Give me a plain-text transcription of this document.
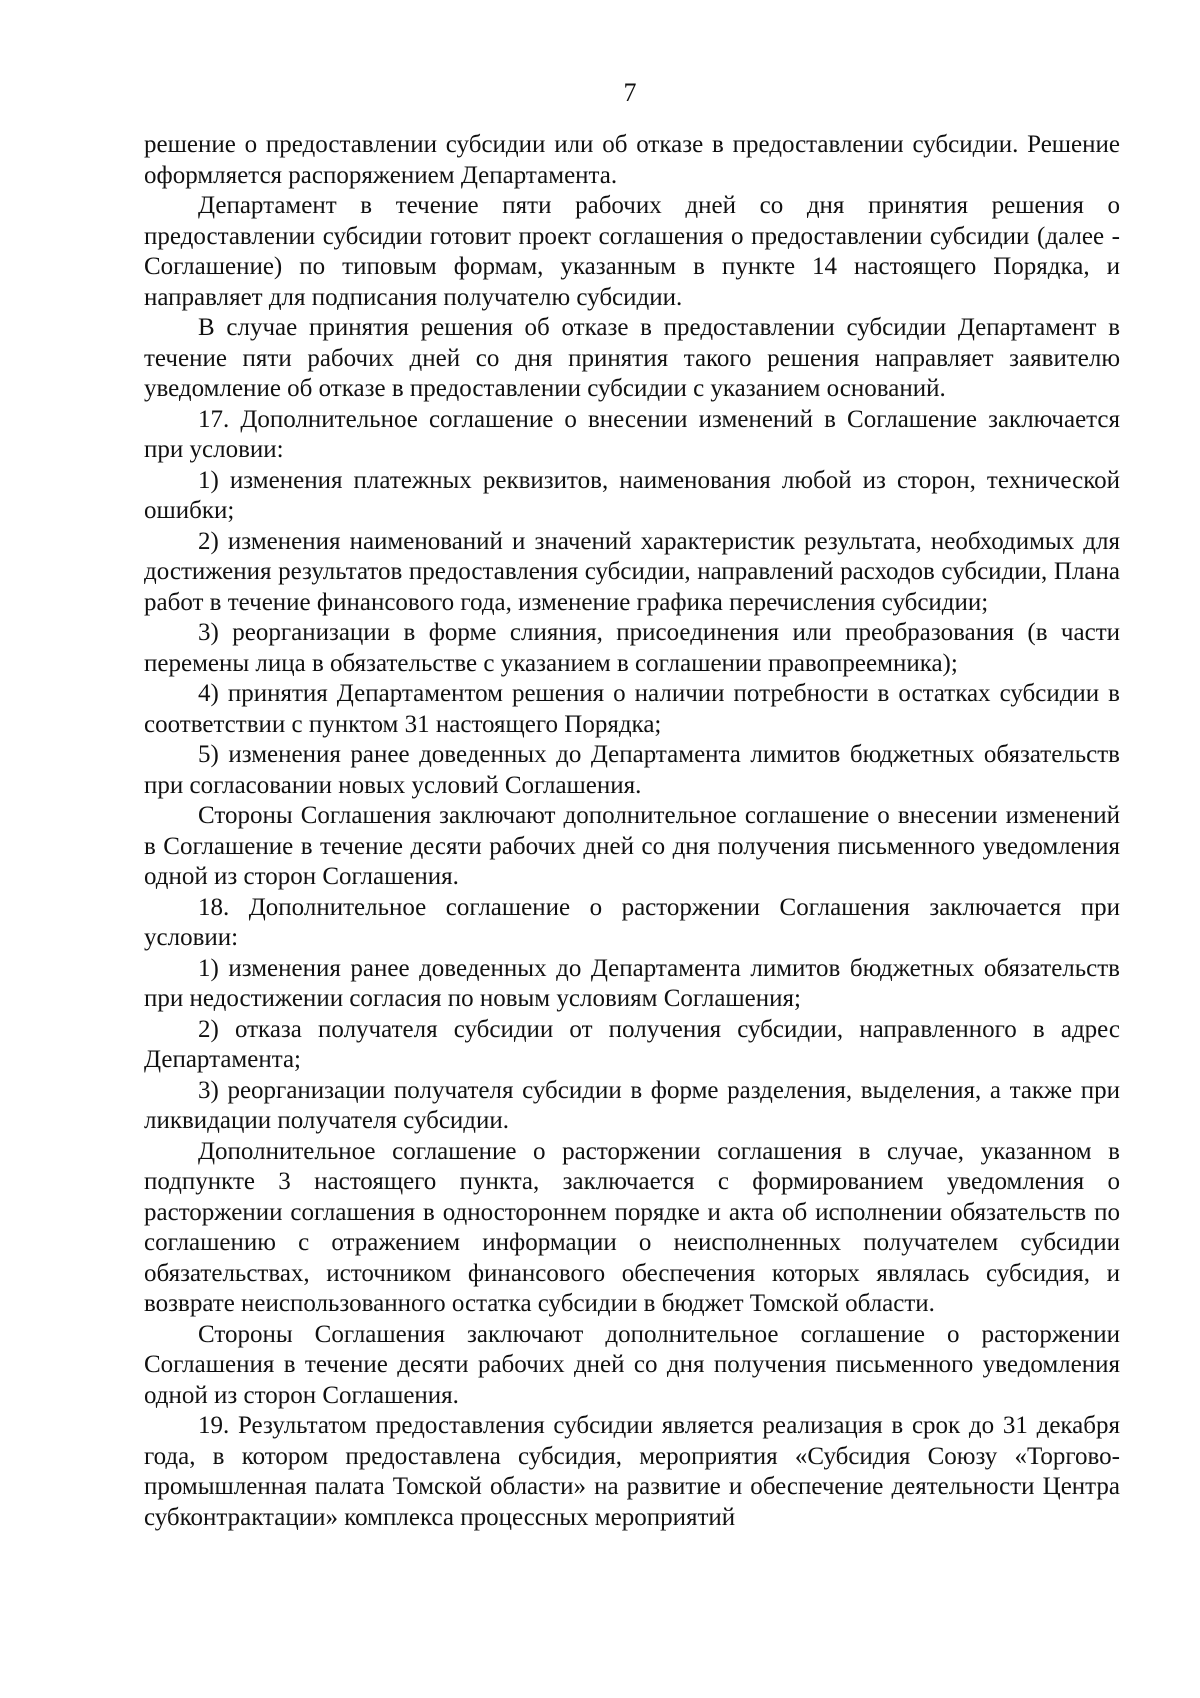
7

решение о предоставлении субсидии или об отказе в предоставлении субсидии. Решение оформляется распоряжением Департамента.

Департамент в течение пяти рабочих дней со дня принятия решения о предоставлении субсидии готовит проект соглашения о предоставлении субсидии (далее - Соглашение) по типовым формам, указанным в пункте 14 настоящего Порядка, и направляет для подписания получателю субсидии.

В случае принятия решения об отказе в предоставлении субсидии Департамент в течение пяти рабочих дней со дня принятия такого решения направляет заявителю уведомление об отказе в предоставлении субсидии с указанием оснований.

17. Дополнительное соглашение о внесении изменений в Соглашение заключается при условии:

1) изменения платежных реквизитов, наименования любой из сторон, технической ошибки;

2) изменения наименований и значений характеристик результата, необходимых для достижения результатов предоставления субсидии, направлений расходов субсидии, Плана работ в течение финансового года, изменение графика перечисления субсидии;

3) реорганизации в форме слияния, присоединения или преобразования (в части перемены лица в обязательстве с указанием в соглашении правопреемника);

4) принятия Департаментом решения о наличии потребности в остатках субсидии в соответствии с пунктом 31 настоящего Порядка;

5) изменения ранее доведенных до Департамента лимитов бюджетных обязательств при согласовании новых условий Соглашения.

Стороны Соглашения заключают дополнительное соглашение о внесении изменений в Соглашение в течение десяти рабочих дней со дня получения письменного уведомления одной из сторон Соглашения.

18. Дополнительное соглашение о расторжении Соглашения заключается при условии:

1) изменения ранее доведенных до Департамента лимитов бюджетных обязательств при недостижении согласия по новым условиям Соглашения;

2) отказа получателя субсидии от получения субсидии, направленного в адрес Департамента;

3) реорганизации получателя субсидии в форме разделения, выделения, а также при ликвидации получателя субсидии.

Дополнительное соглашение о расторжении соглашения в случае, указанном в подпункте 3 настоящего пункта, заключается с формированием уведомления о расторжении соглашения в одностороннем порядке и акта об исполнении обязательств по соглашению с отражением информации о неисполненных получателем субсидии обязательствах, источником финансового обеспечения которых являлась субсидия, и возврате неиспользованного остатка субсидии в бюджет Томской области.

Стороны Соглашения заключают дополнительное соглашение о расторжении Соглашения в течение десяти рабочих дней со дня получения письменного уведомления одной из сторон Соглашения.

19. Результатом предоставления субсидии является реализация в срок до 31 декабря года, в котором предоставлена субсидия, мероприятия «Субсидия Союзу «Торгово-промышленная палата Томской области» на развитие и обеспечение деятельности Центра субконтрактации» комплекса процессных мероприятий
